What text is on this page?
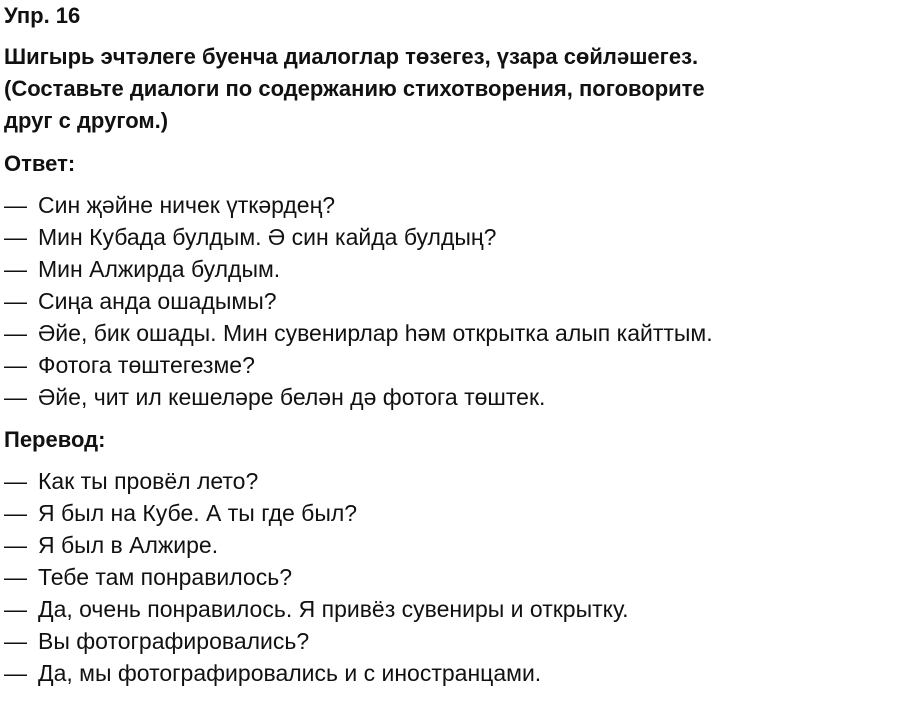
Упр. 16

Шигырь эчтәлеге буенча диалоглар төзегез, үзара сөйләшегез.
(Составьте диалоги по содержанию стихотворения, поговорите
друг с другом.)

Ответ:
— Син җәйне ничек үткәрдең?
— Мин Кубада булдым. Ә син кайда булдың?
— Мин Алжирда булдым.
— Сиңа анда ошадымы?
— Әйе, бик ошады. Мин сувенирлар һәм открытка алып кайттым.
— Фотога төштегезме?
— Әйе, чит ил кешеләре белән дә фотога төштек.
Перевод:
— Как ты провёл лето?
— Я был на Кубе. А ты где был?
— Я был в Алжире.
— Тебе там понравилось?
— Да, очень понравилось. Я привёз сувениры и открытку.
— Вы фотографировались?
— Да, мы фотографировались и с иностранцами.
